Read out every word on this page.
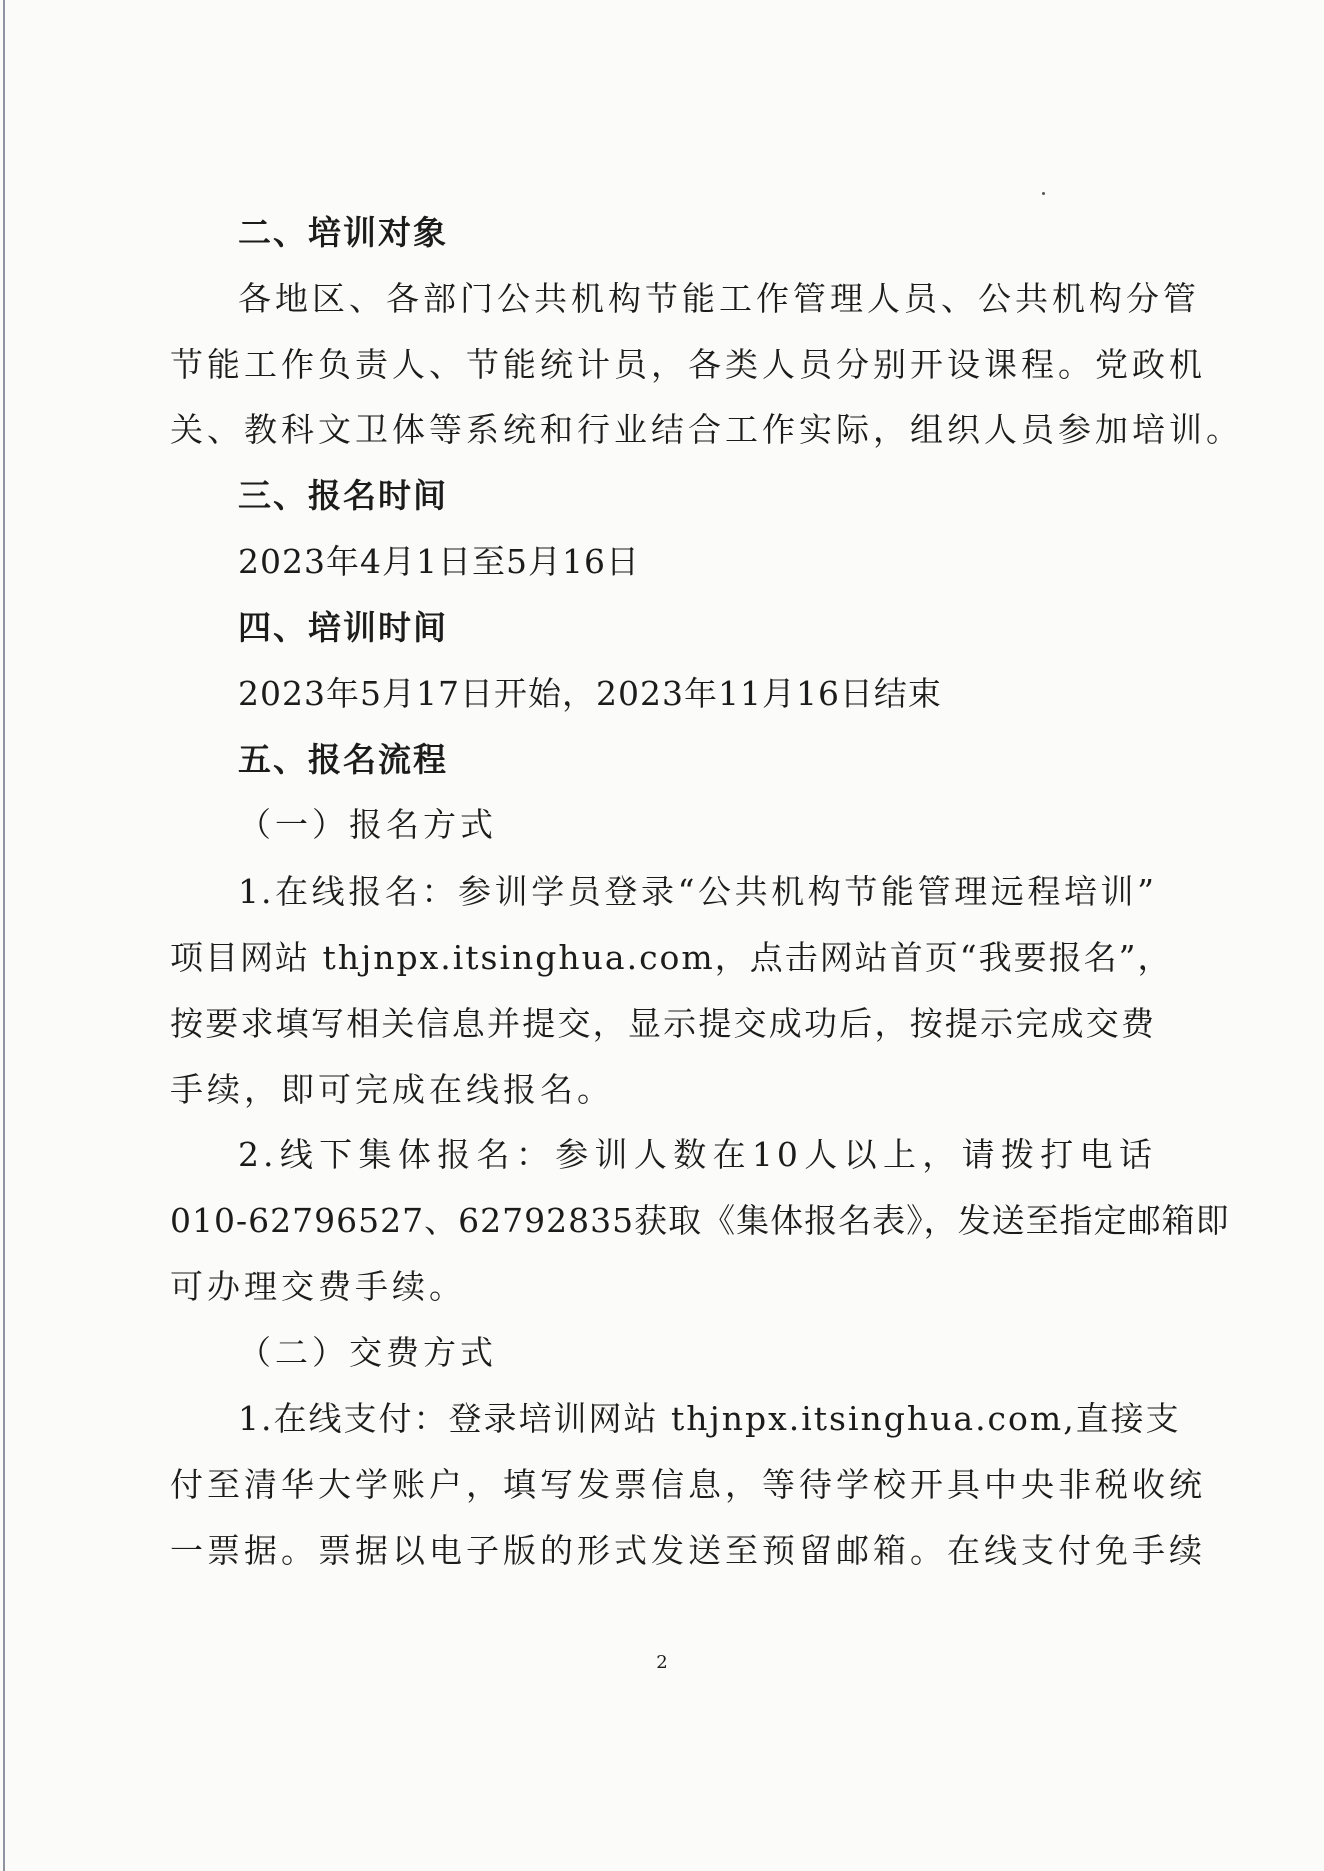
二、培训对象
各地区、各部门公共机构节能工作管理人员、公共机构分管
节能工作负责人、节能统计员，各类人员分别开设课程。党政机
关、教科文卫体等系统和行业结合工作实际，组织人员参加培训。
三、报名时间
2023年4月1日至5月16日
四、培训时间
2023年5月17日开始，2023年11月16日结束
五、报名流程
（一）报名方式
1.在线报名：参训学员登录“公共机构节能管理远程培训”
项目网站 thjnpx.itsinghua.com，点击网站首页“我要报名”，
按要求填写相关信息并提交，显示提交成功后，按提示完成交费
手续，即可完成在线报名。
2.线下集体报名：参训人数在10人以上，请拨打电话
010-62796527、62792835获取《集体报名表》，发送至指定邮箱即
可办理交费手续。
（二）交费方式
1.在线支付：登录培训网站 thjnpx.itsinghua.com,直接支
付至清华大学账户，填写发票信息，等待学校开具中央非税收统
一票据。票据以电子版的形式发送至预留邮箱。在线支付免手续
2
